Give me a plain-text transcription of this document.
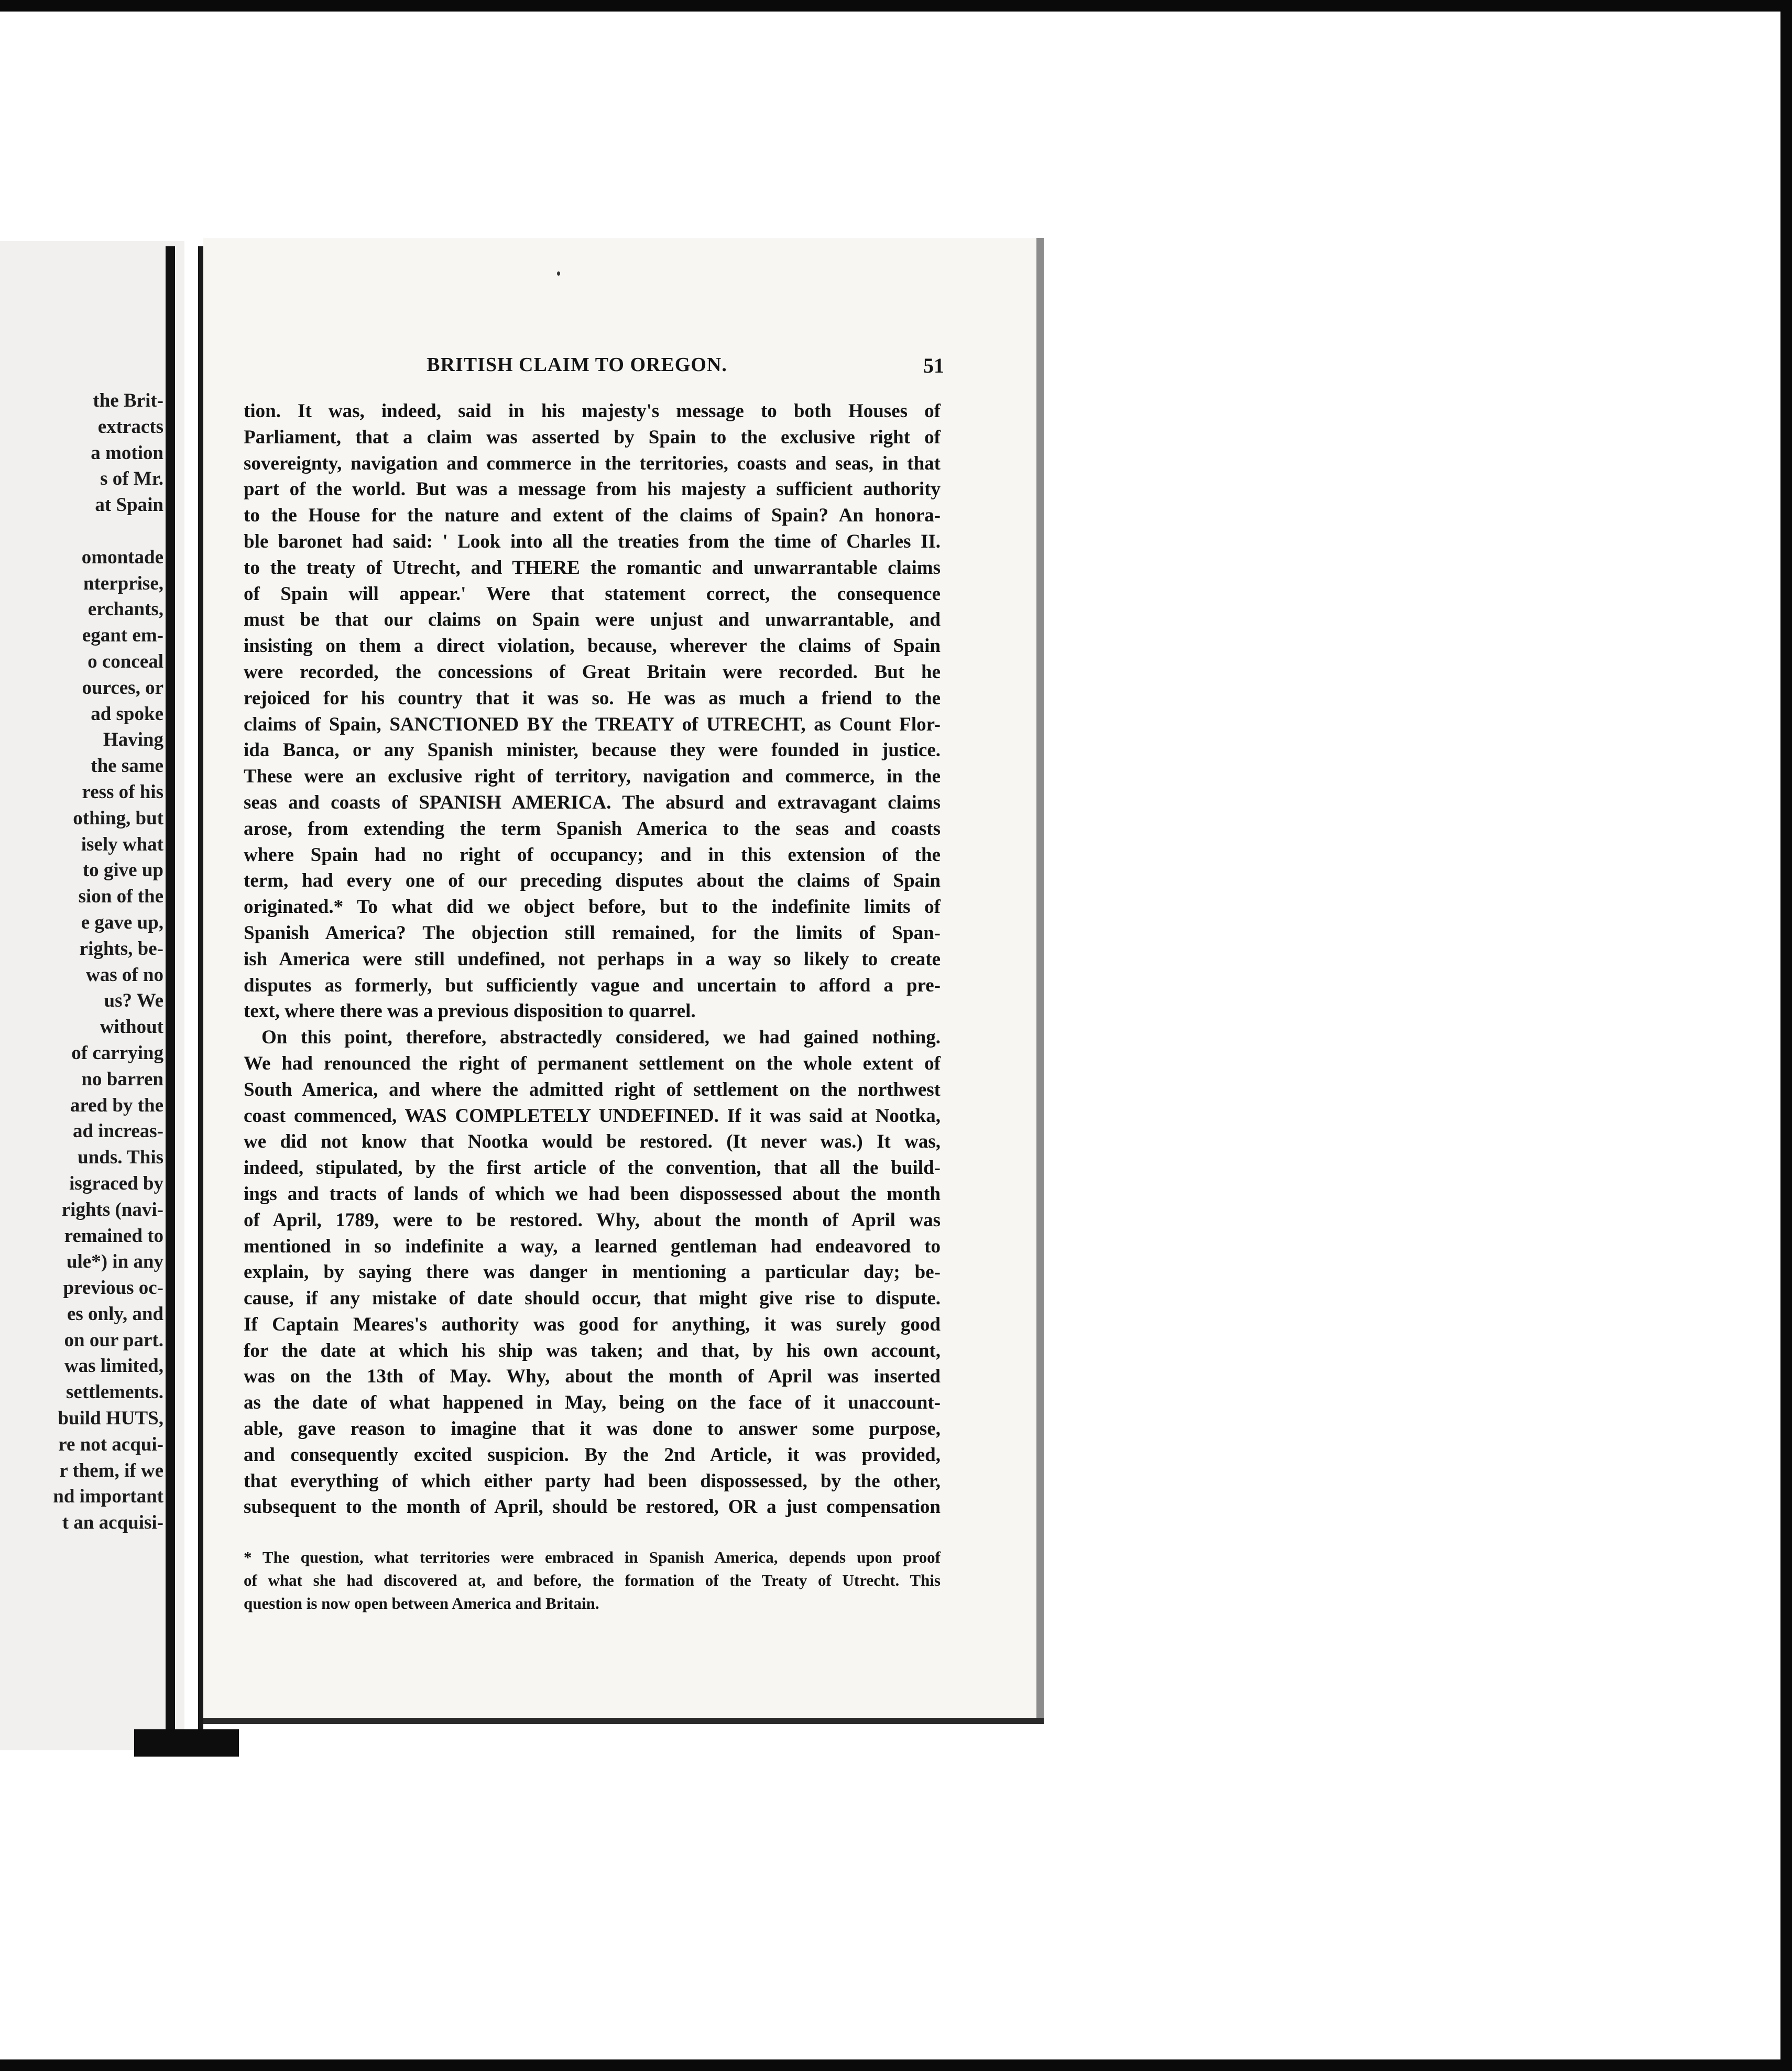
the Brit-
extracts
a motion
s of Mr.
at Spain
omontade
nterprise,
erchants,
egant em-
o conceal
ources, or
ad spoke
Having
the same
ress of his
othing, but
isely what
to give up
sion of the
e gave up,
rights, be-
was of no
us? We
without
of carrying
no barren
ared by the
ad increas-
unds. This
isgraced by
rights (navi-
remained to
ule*) in any
previous oc-
es only, and
on our part.
was limited,
settlements.
build HUTS,
re not acqui-
r them, if we
nd important
t an acquisi-
BRITISH CLAIM TO OREGON.	51
tion. It was, indeed, said in his majesty's message to both Houses of
Parliament, that a claim was asserted by Spain to the exclusive right of
sovereignty, navigation and commerce in the territories, coasts and seas, in that
part of the world. But was a message from his majesty a sufficient authority
to the House for the nature and extent of the claims of Spain? An honora-
ble baronet had said: ' Look into all the treaties from the time of Charles II.
to the treaty of Utrecht, and THERE the romantic and unwarrantable claims
of Spain will appear.' Were that statement correct, the consequence
must be that our claims on Spain were unjust and unwarrantable, and
insisting on them a direct violation, because, wherever the claims of Spain
were recorded, the concessions of Great Britain were recorded. But he
rejoiced for his country that it was so. He was as much a friend to the
claims of Spain, SANCTIONED BY the TREATY of UTRECHT, as Count Flor-
ida Banca, or any Spanish minister, because they were founded in justice.
These were an exclusive right of territory, navigation and commerce, in the
seas and coasts of SPANISH AMERICA. The absurd and extravagant claims
arose, from extending the term Spanish America to the seas and coasts
where Spain had no right of occupancy; and in this extension of the
term, had every one of our preceding disputes about the claims of Spain
originated.* To what did we object before, but to the indefinite limits of
Spanish America? The objection still remained, for the limits of Span-
ish America were still undefined, not perhaps in a way so likely to create
disputes as formerly, but sufficiently vague and uncertain to afford a pre-
text, where there was a previous disposition to quarrel.
On this point, therefore, abstractedly considered, we had gained nothing.
We had renounced the right of permanent settlement on the whole extent of
South America, and where the admitted right of settlement on the northwest
coast commenced, WAS COMPLETELY UNDEFINED. If it was said at Nootka,
we did not know that Nootka would be restored. (It never was.) It was,
indeed, stipulated, by the first article of the convention, that all the build-
ings and tracts of lands of which we had been dispossessed about the month
of April, 1789, were to be restored. Why, about the month of April was
mentioned in so indefinite a way, a learned gentleman had endeavored to
explain, by saying there was danger in mentioning a particular day; be-
cause, if any mistake of date should occur, that might give rise to dispute.
If Captain Meares's authority was good for anything, it was surely good
for the date at which his ship was taken; and that, by his own account,
was on the 13th of May. Why, about the month of April was inserted
as the date of what happened in May, being on the face of it unaccount-
able, gave reason to imagine that it was done to answer some purpose,
and consequently excited suspicion. By the 2nd Article, it was provided,
that everything of which either party had been dispossessed, by the other,
subsequent to the month of April, should be restored, OR a just compensation
* The question, what territories were embraced in Spanish America, depends upon proof
of what she had discovered at, and before, the formation of the Treaty of Utrecht. This
question is now open between America and Britain.
